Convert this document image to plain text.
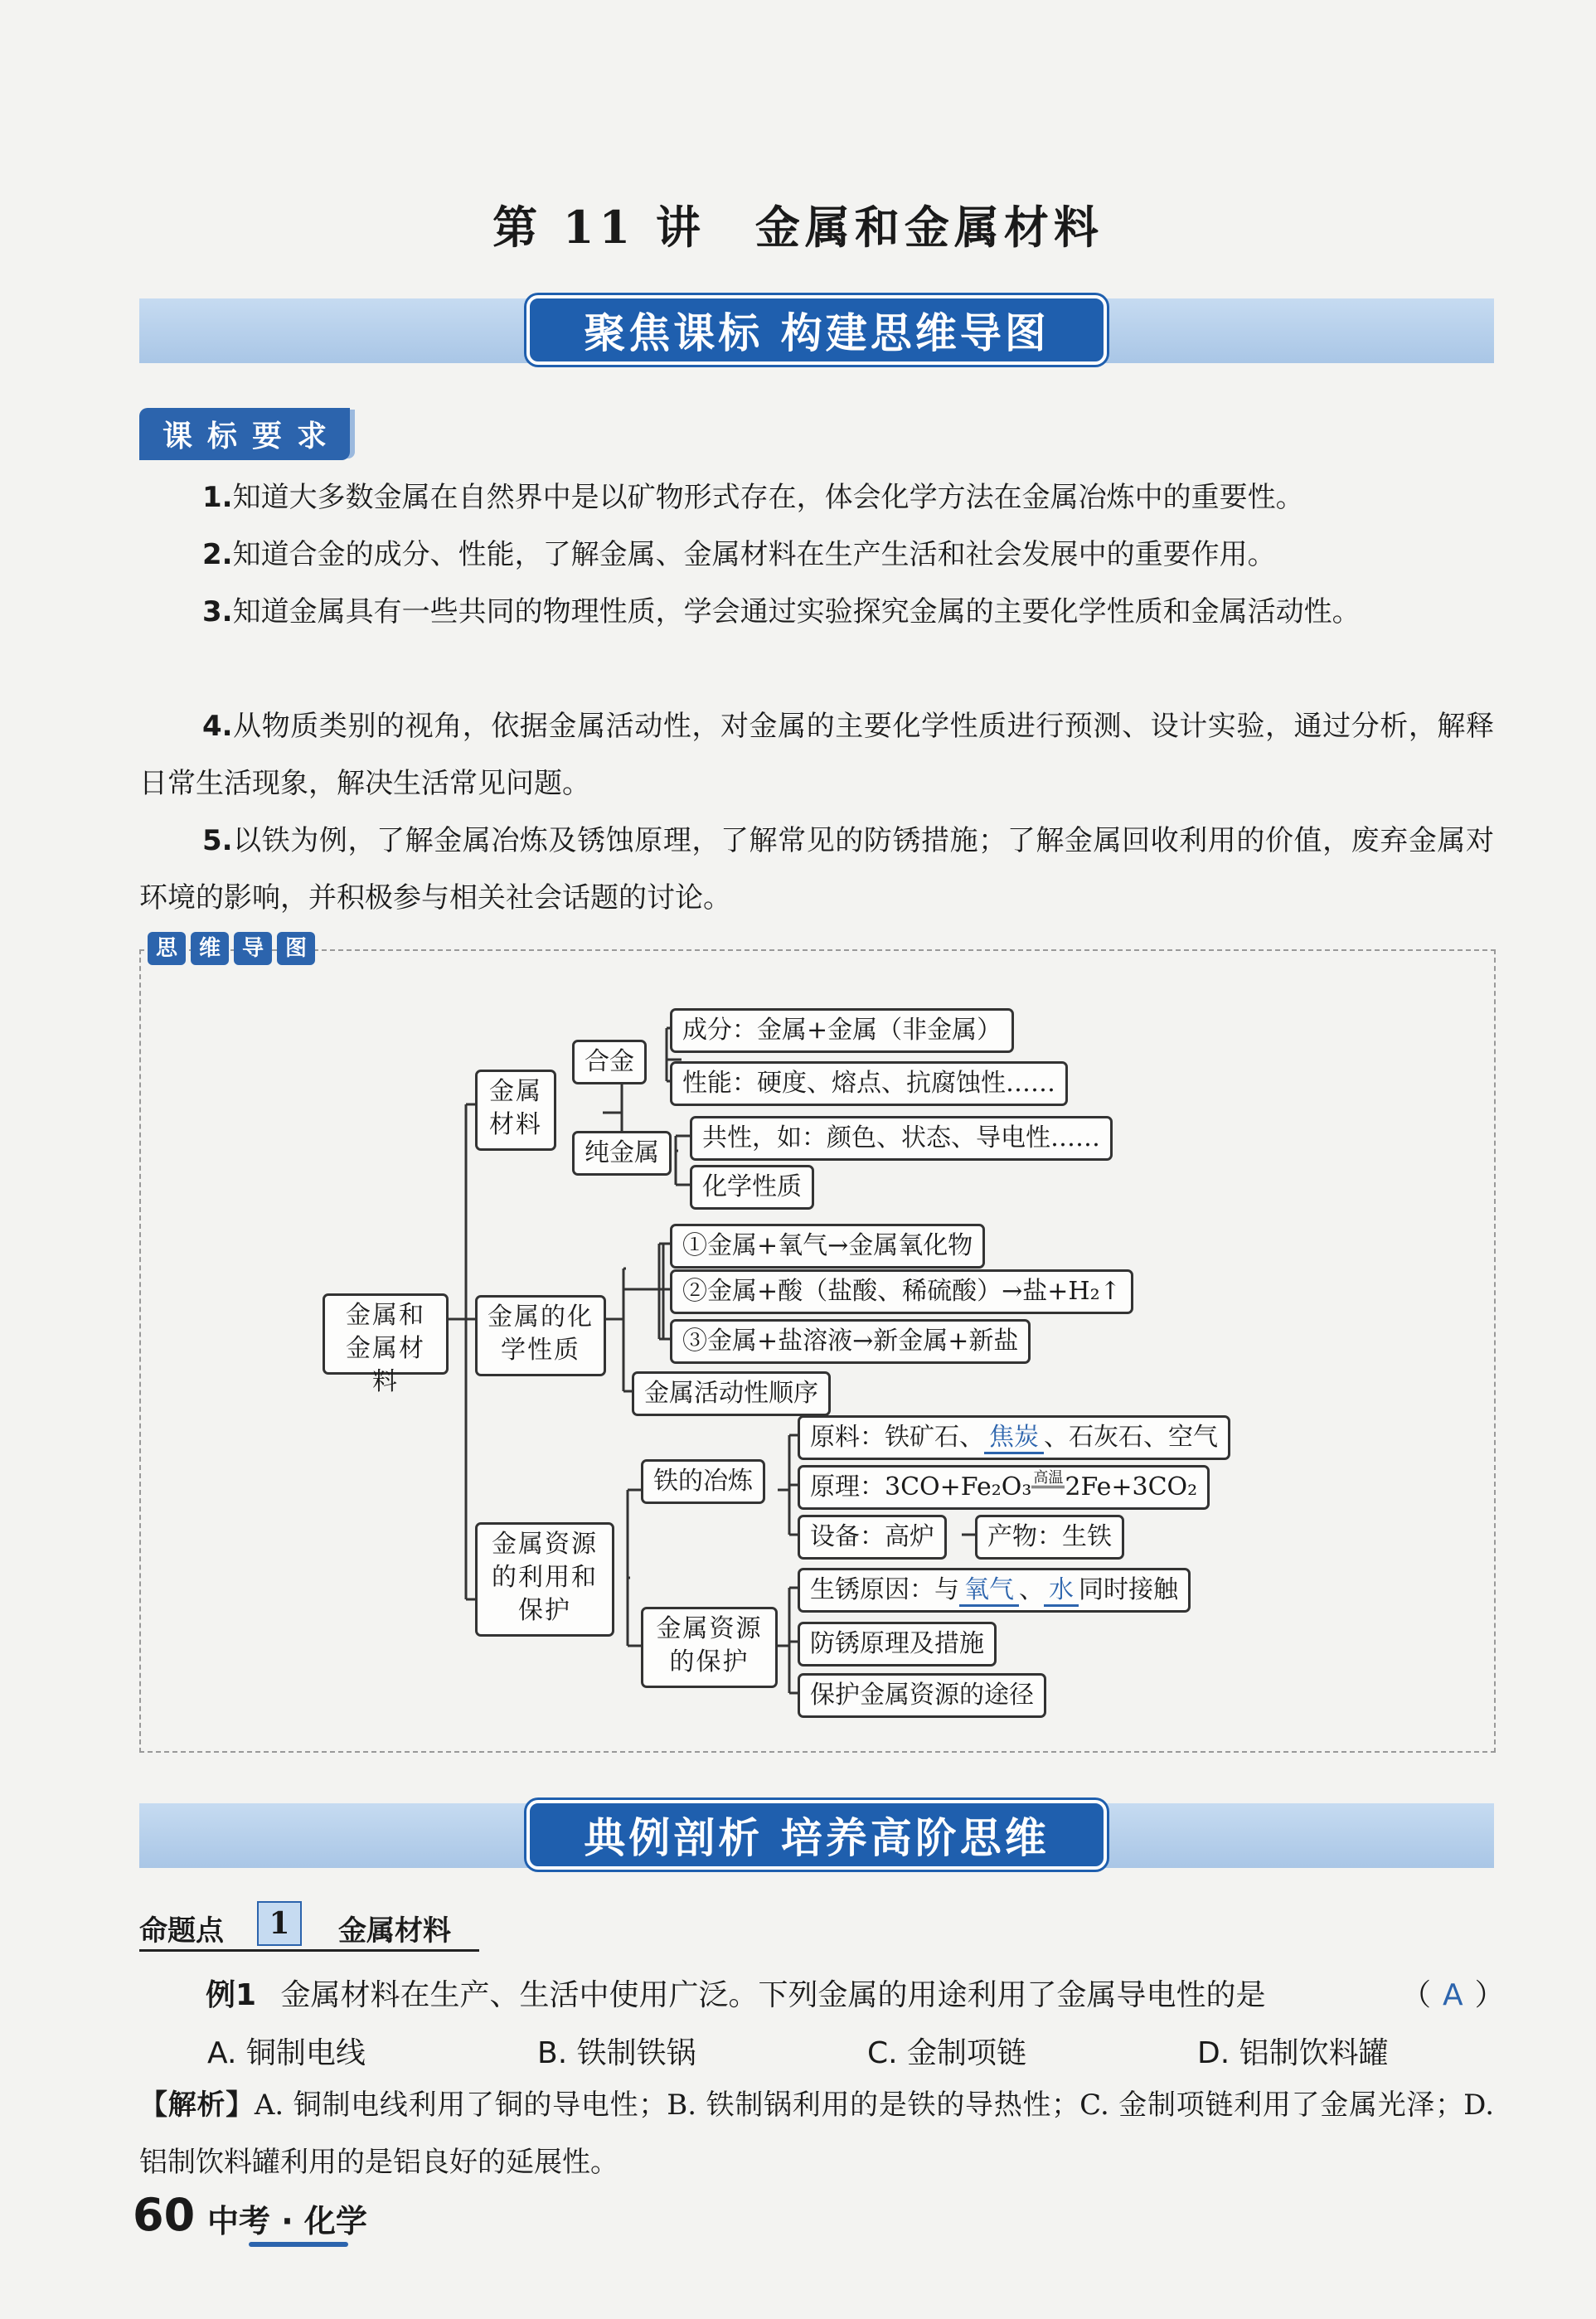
第 11 讲　金属和金属材料
聚焦课标 构建思维导图
课标要求
1.知道大多数金属在自然界中是以矿物形式存在，体会化学方法在金属冶炼中的重要性。
2.知道合金的成分、性能，了解金属、金属材料在生产生活和社会发展中的重要作用。
3.知道金属具有一些共同的物理性质，学会通过实验探究金属的主要化学性质和金属活动性。
4.从物质类别的视角，依据金属活动性，对金属的主要化学性质进行预测、设计实验，通过分析，解释日常生活现象，解决生活常见问题。
5.以铁为例，了解金属冶炼及锈蚀原理，了解常见的防锈措施；了解金属回收利用的价值，废弃金属对环境的影响，并积极参与相关社会话题的讨论。
思 维 导 图
金属和金属材料
金属材料
合金
成分：金属+金属（非金属）
性能：硬度、熔点、抗腐蚀性……
纯金属
共性，如：颜色、状态、导电性……
化学性质
金属的化学性质
①金属+氧气→金属氧化物
②金属+酸（盐酸、稀硫酸）→盐+H₂↑
③金属+盐溶液→新金属+新盐
金属活动性顺序
金属资源的利用和保护
铁的冶炼
原料：铁矿石、 焦炭 、石灰石、空气
原理：3CO+Fe₂O₃ 高温2Fe+3CO₂
设备：高炉	产物：生铁
金属资源的保护
生锈原因：与 氧气 、 水 同时接触
防锈原理及措施
保护金属资源的途径
典例剖析 培养高阶思维
命题点	1	金属材料
例1 金属材料在生产、生活中使用广泛。下列金属的用途利用了金属导电性的是	（ A ）
A. 铜制电线	B. 铁制铁锅	C. 金制项链	D. 铝制饮料罐
【解析】A. 铜制电线利用了铜的导电性；B. 铁制锅利用的是铁的导热性；C. 金制项链利用了金属光泽；D. 铝制饮料罐利用的是铝良好的延展性。
60 中考 · 化学
